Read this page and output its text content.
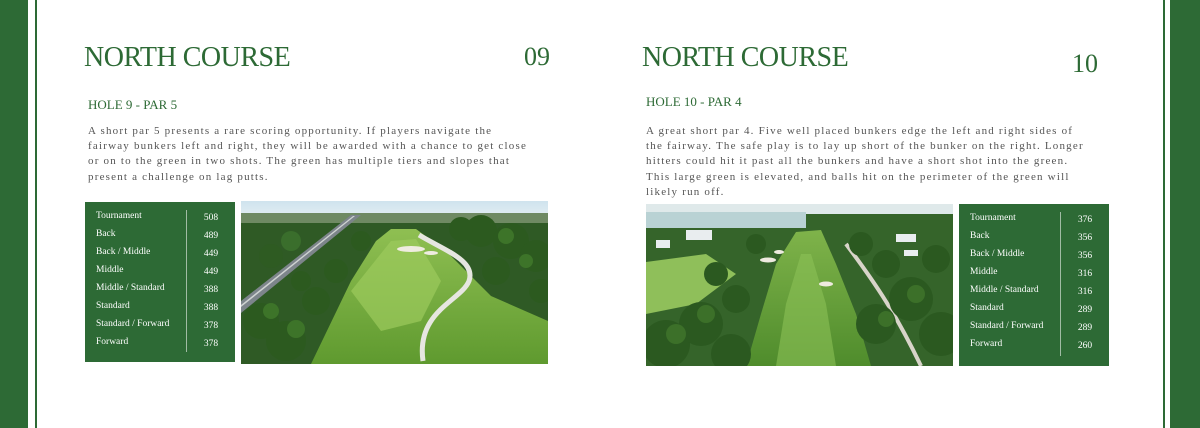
NORTH COURSE	09
HOLE 9 - PAR 5

A short par 5 presents a rare scoring opportunity. If players navigate the fairway bunkers left and right, they will be awarded with a chance to get close or on to the green in two shots. The green has multiple tiers and slopes that present a challenge on lag putts.

Tournament	508
Back	489
Back / Middle	449
Middle	449
Middle / Standard	388
Standard	388
Standard / Forward	378
Forward	378
NORTH COURSE	10
HOLE 10 - PAR 4

A great short par 4. Five well placed bunkers edge the left and right sides of the fairway. The safe play is to lay up short of the bunker on the right. Longer hitters could hit it past all the bunkers and have a short shot into the green. This large green is elevated, and balls hit on the perimeter of the green will likely run off.

Tournament	376
Back	356
Back / Middle	356
Middle	316
Middle / Standard	316
Standard	289
Standard / Forward	289
Forward	260
